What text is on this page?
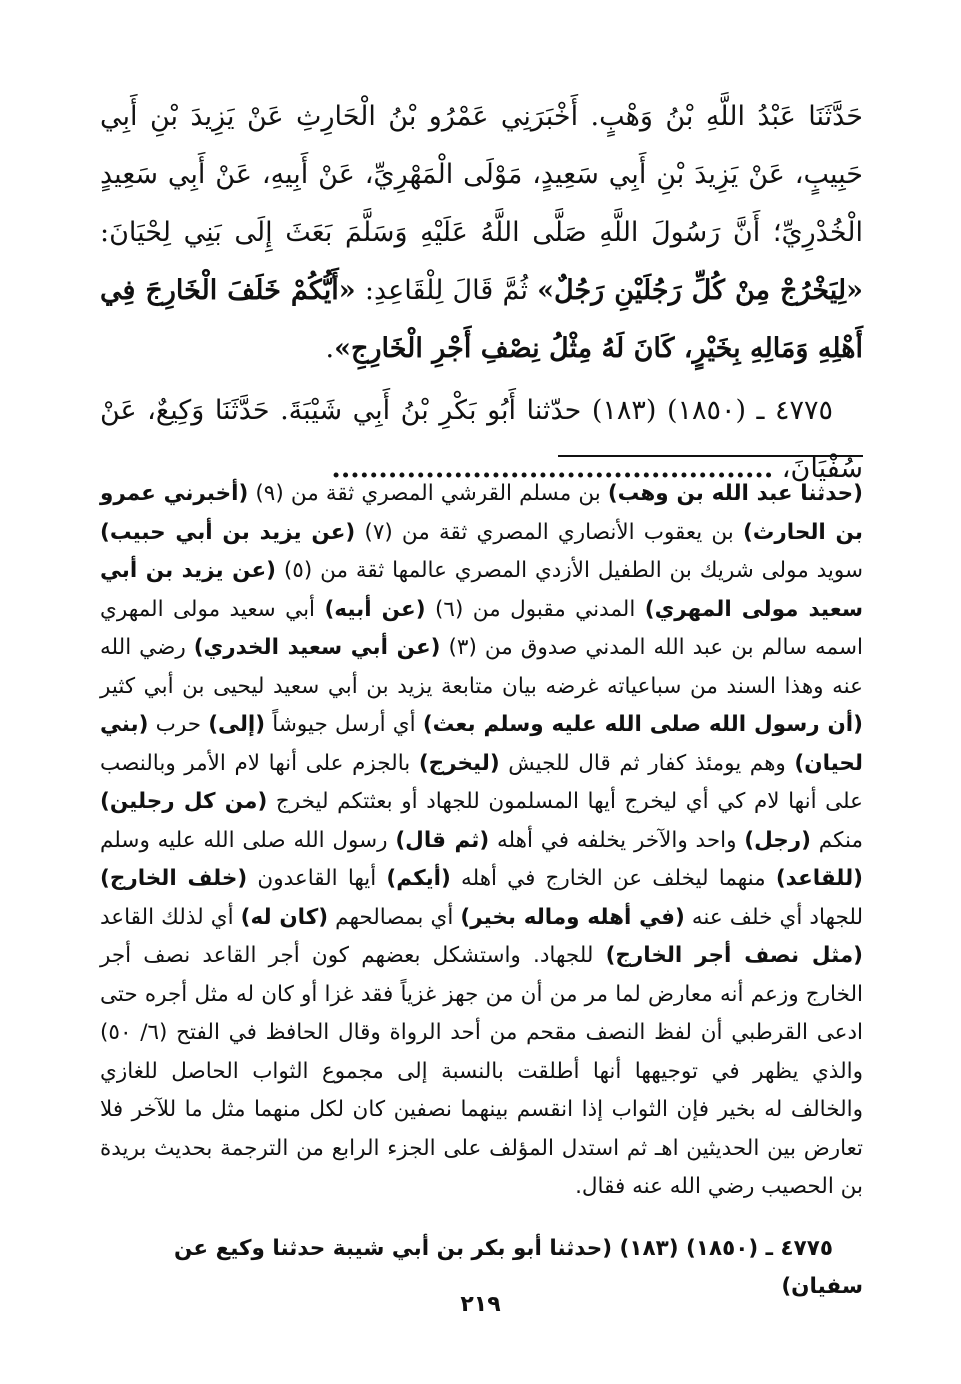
حَدَّثَنَا عَبْدُ اللَّهِ بْنُ وَهْبٍ. أَخْبَرَنِي عَمْرُو بْنُ الْحَارِثِ عَنْ يَزِيدَ بْنِ أَبِي حَبِيبٍ، عَنْ يَزِيدَ بْنِ أَبِي سَعِيدٍ، مَوْلَى الْمَهْرِيِّ، عَنْ أَبِيهِ، عَنْ أَبِي سَعِيدٍ الْخُدْرِيِّ؛ أَنَّ رَسُولَ اللَّهِ صَلَّى اللَّهُ عَلَيْهِ وَسَلَّمَ بَعَثَ إِلَى بَنِي لِحْيَانَ: «لِيَخْرُجْ مِنْ كُلِّ رَجُلَيْنِ رَجُلٌ» ثُمَّ قَالَ لِلْقَاعِدِ: «أَيُّكُمْ خَلَفَ الْخَارِجَ فِي أَهْلِهِ وَمَالِهِ بِخَيْرٍ، كَانَ لَهُ مِثْلُ نِصْفِ أَجْرِ الْخَارِجِ».

٤٧٧٥ ـ (١٨٥٠) (١٨٣) حدّثنا أَبُو بَكْرِ بْنُ أَبِي شَيْبَةَ. حَدَّثَنَا وَكِيعٌ، عَنْ سُفْيَانَ، ...............................................

(حدثنا عبد الله بن وهب) بن مسلم القرشي المصري ثقة من (٩) (أخبرني عمرو بن الحارث) بن يعقوب الأنصاري المصري ثقة من (٧) (عن يزيد بن أبي حبيب) سويد مولى شريك بن الطفيل الأزدي المصري عالمها ثقة من (٥) (عن يزيد بن أبي سعيد مولى المهري) المدني مقبول من (٦) (عن أبيه) أبي سعيد مولى المهري اسمه سالم بن عبد الله المدني صدوق من (٣) (عن أبي سعيد الخدري) رضي الله عنه وهذا السند من سباعياته غرضه بيان متابعة يزيد بن أبي سعيد ليحيى بن أبي كثير (أن رسول الله صلى الله عليه وسلم بعث) أي أرسل جيوشاً (إلى) حرب (بني لحيان) وهم يومئذ كفار ثم قال للجيش (ليخرج) بالجزم على أنها لام الأمر وبالنصب على أنها لام كي أي ليخرج أيها المسلمون للجهاد أو بعثتكم ليخرج (من كل رجلين) منكم (رجل) واحد والآخر يخلفه في أهله (ثم قال) رسول الله صلى الله عليه وسلم (للقاعد) منهما ليخلف عن الخارج في أهله (أيكم) أيها القاعدون (خلف الخارج) للجهاد أي خلف عنه (في أهله وماله بخير) أي بمصالحهم (كان له) أي لذلك القاعد (مثل نصف أجر الخارج) للجهاد. واستشكل بعضهم كون أجر القاعد نصف أجر الخارج وزعم أنه معارض لما مر من أن من جهز غزياً فقد غزا أو كان له مثل أجره حتى ادعى القرطبي أن لفظ النصف مقحم من أحد الرواة وقال الحافظ في الفتح (٦/ ٥٠) والذي يظهر في توجيهها أنها أطلقت بالنسبة إلى مجموع الثواب الحاصل للغازي والخالف له بخير فإن الثواب إذا انقسم بينهما نصفين كان لكل منهما مثل ما للآخر فلا تعارض بين الحديثين اهـ ثم استدل المؤلف على الجزء الرابع من الترجمة بحديث بريدة بن الحصيب رضي الله عنه فقال.

٤٧٧٥ ـ (١٨٥٠) (١٨٣) (حدثنا أبو بكر بن أبي شيبة حدثنا وكيع عن سفيان)
٢١٩
